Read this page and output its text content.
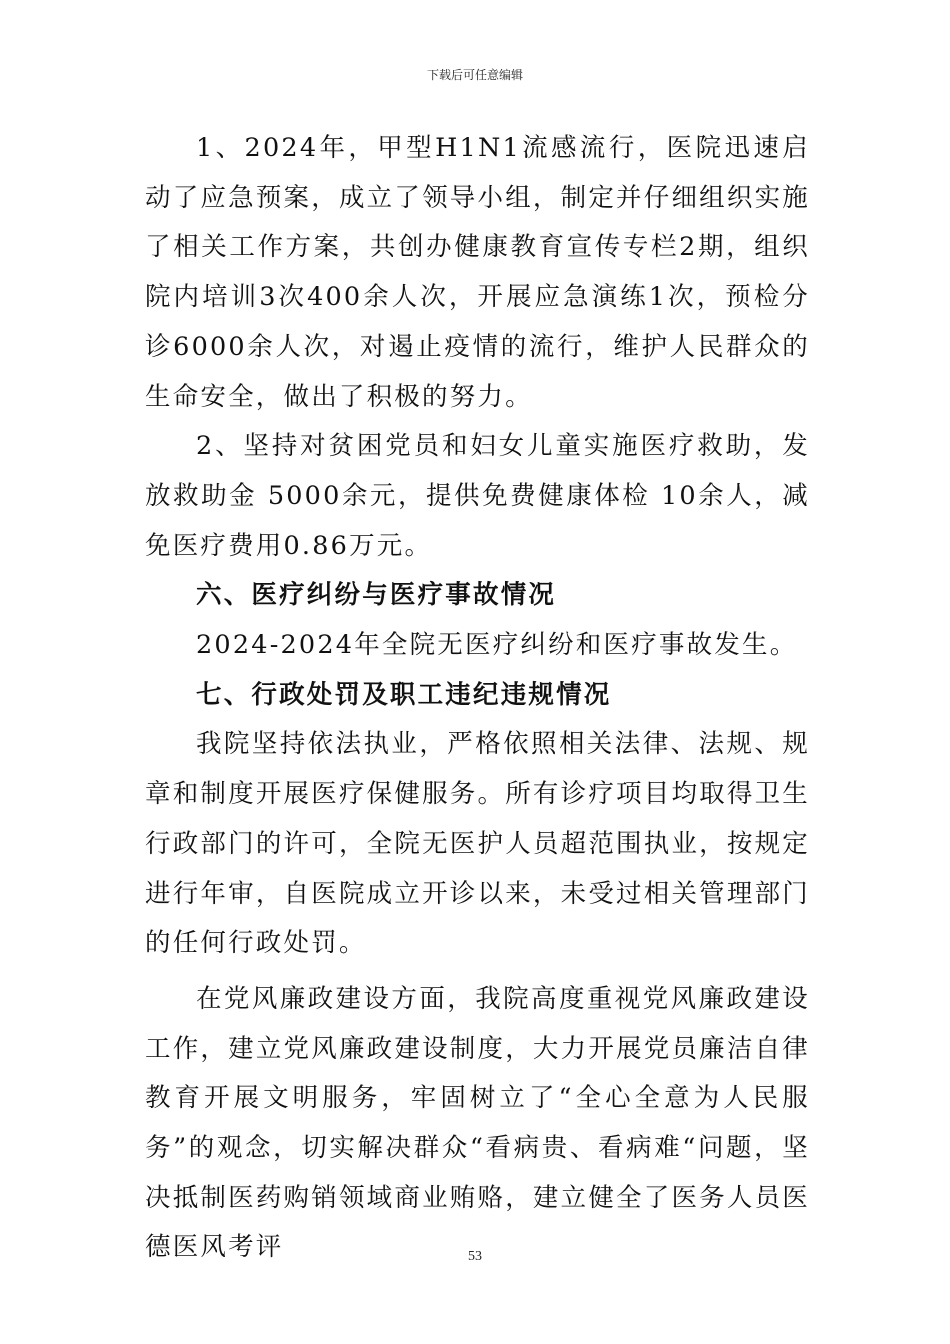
下载后可任意编辑

1、2024年，甲型H1N1流感流行，医院迅速启动了应急预案，成立了领导小组，制定并仔细组织实施了相关工作方案，共创办健康教育宣传专栏2期，组织院内培训3次400余人次，开展应急演练1次，预检分诊6000余人次，对遏止疫情的流行，维护人民群众的生命安全，做出了积极的努力。

2、坚持对贫困党员和妇女儿童实施医疗救助，发放救助金 5000余元，提供免费健康体检 10余人，减免医疗费用0.86万元。

六、医疗纠纷与医疗事故情况

2024-2024年全院无医疗纠纷和医疗事故发生。

七、行政处罚及职工违纪违规情况

我院坚持依法执业，严格依照相关法律、法规、规章和制度开展医疗保健服务。所有诊疗项目均取得卫生行政部门的许可，全院无医护人员超范围执业，按规定进行年审，自医院成立开诊以来，未受过相关管理部门的任何行政处罚。

在党风廉政建设方面，我院高度重视党风廉政建设工作，建立党风廉政建设制度，大力开展党员廉洁自律教育开展文明服务，牢固树立了“全心全意为人民服务”的观念，切实解决群众“看病贵、看病难“问题，坚决抵制医药购销领域商业贿赂，建立健全了医务人员医德医风考评	53
